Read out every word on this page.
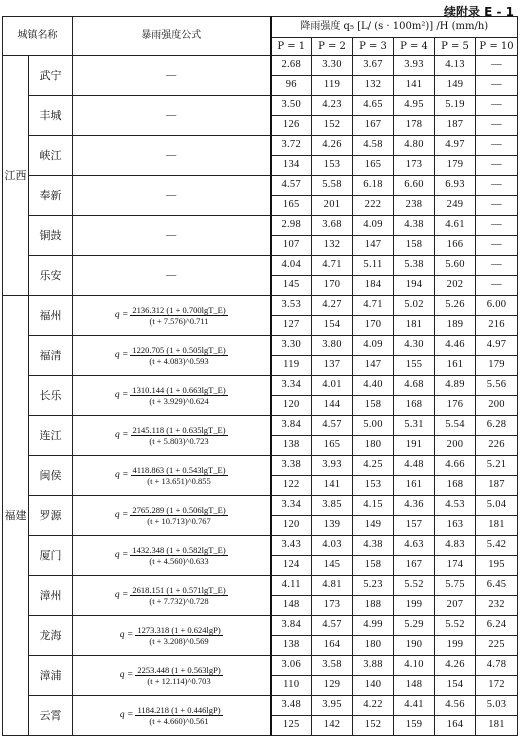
续附录 E - 1
城镇名称		暴雨强度公式	降雨强度 q₅ [L/ (s · 100m²)] /H (mm/h)					
			P = 1	P = 2	P = 3	P = 4	P = 5	P = 10
江西	武宁	—	2.68	3.30	3.67	3.93	4.13	—
			96	119	132	141	149	—
	丰城	—	3.50	4.23	4.65	4.95	5.19	—
			126	152	167	178	187	—
	峡江	—	3.72	4.26	4.58	4.80	4.97	—
			134	153	165	173	179	—
	奉新	—	4.57	5.58	6.18	6.60	6.93	—
			165	201	222	238	249	—
	铜鼓	—	2.98	3.68	4.09	4.38	4.61	—
			107	132	147	158	166	—
	乐安	—	4.04	4.71	5.11	5.38	5.60	—
			145	170	184	194	202	—
福建	福州	$q = \frac{2136.312 (1 + 0.700\lg T\_E)}{(t + 7.576)\^{}0.711}$	3.53	4.27	4.71	5.02	5.26	6.00
			127	154	170	181	189	216
	福清	$q = \frac{1220.705 (1 + 0.505\lg T\_E)}{(t + 4.083)\^{}0.593}$	3.30	3.80	4.09	4.30	4.46	4.97
			119	137	147	155	161	179
	长乐	$q = \frac{1310.144 (1 + 0.663\lg T\_E)}{(t + 3.929)\^{}0.624}$	3.34	4.01	4.40	4.68	4.89	5.56
			120	144	158	168	176	200
	连江	$q = \frac{2145.118 (1 + 0.635\lg T\_E)}{(t + 5.803)\^{}0.723}$	3.84	4.57	5.00	5.31	5.54	6.28
			138	165	180	191	200	226
	闽侯	$q = \frac{4118.863 (1 + 0.543\lg T\_E)}{(t + 13.651)\^{}0.855}$	3.38	3.93	4.25	4.48	4.66	5.21
			122	141	153	161	168	187
	罗源	$q = \frac{2765.289 (1 + 0.506\lg T\_E)}{(t + 10.713)\^{}0.767}$	3.34	3.85	4.15	4.36	4.53	5.04
			120	139	149	157	163	181
	厦门	$q = \frac{1432.348 (1 + 0.582\lg T\_E)}{(t + 4.560)\^{}0.633}$	3.43	4.03	4.38	4.63	4.83	5.42
			124	145	158	167	174	195
	漳州	$q = \frac{2618.151 (1 + 0.571\lg T\_E)}{(t + 7.732)\^{}0.728}$	4.11	4.81	5.23	5.52	5.75	6.45
			148	173	188	199	207	232
	龙海	$q = \frac{1273.318 (1 + 0.624\lg P)}{(t + 3.208)\^{}0.569}$	3.84	4.57	4.99	5.29	5.52	6.24
			138	164	180	190	199	225
	漳浦	$q = \frac{2253.448 (1 + 0.563\lg P)}{(t + 12.114)\^{}0.703}$	3.06	3.58	3.88	4.10	4.26	4.78
			110	129	140	148	154	172
	云霄	$q = \frac{1184.218 (1 + 0.446\lg P)}{(t + 4.660)\^{}0.561}$	3.48	3.95	4.22	4.41	4.56	5.03
			125	142	152	159	164	181
